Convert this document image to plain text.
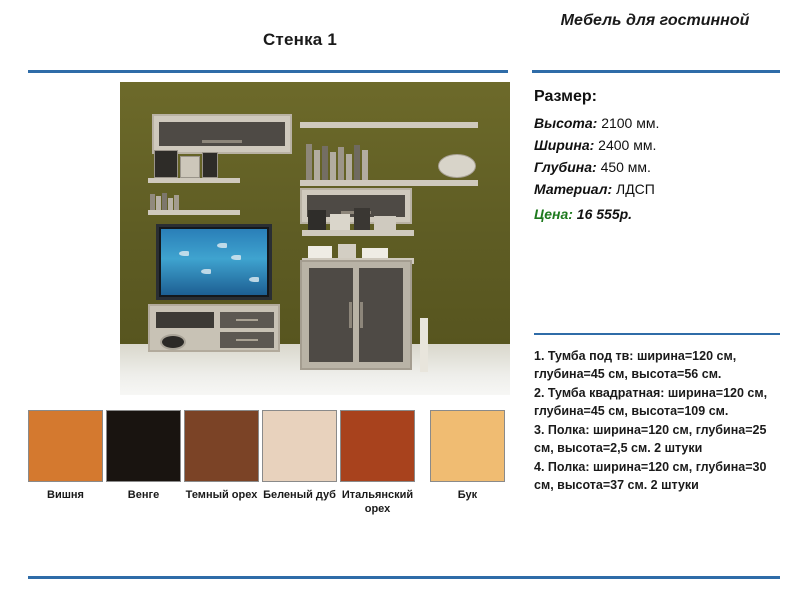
Стенка 1
Мебель для гостинной
Размер:
Высота: 2100 мм.
Ширина: 2400 мм.
Глубина: 450 мм.
Материал: ЛДСП
Цена: 16 555р.

1. Тумба под тв: ширина=120 см, глубина=45 см, высота=56 см.

2. Тумба квадратная: ширина=120 см, глубина=45 см, высота=109 см.

3. Полка: ширина=120 см, глубина=25 см, высота=2,5 см. 2 штуки

4. Полка: ширина=120 см, глубина=30 см, высота=37 см. 2 штуки

Вишня	Венге	Темный орех Беленый дуб Итальянский орех
Бук
